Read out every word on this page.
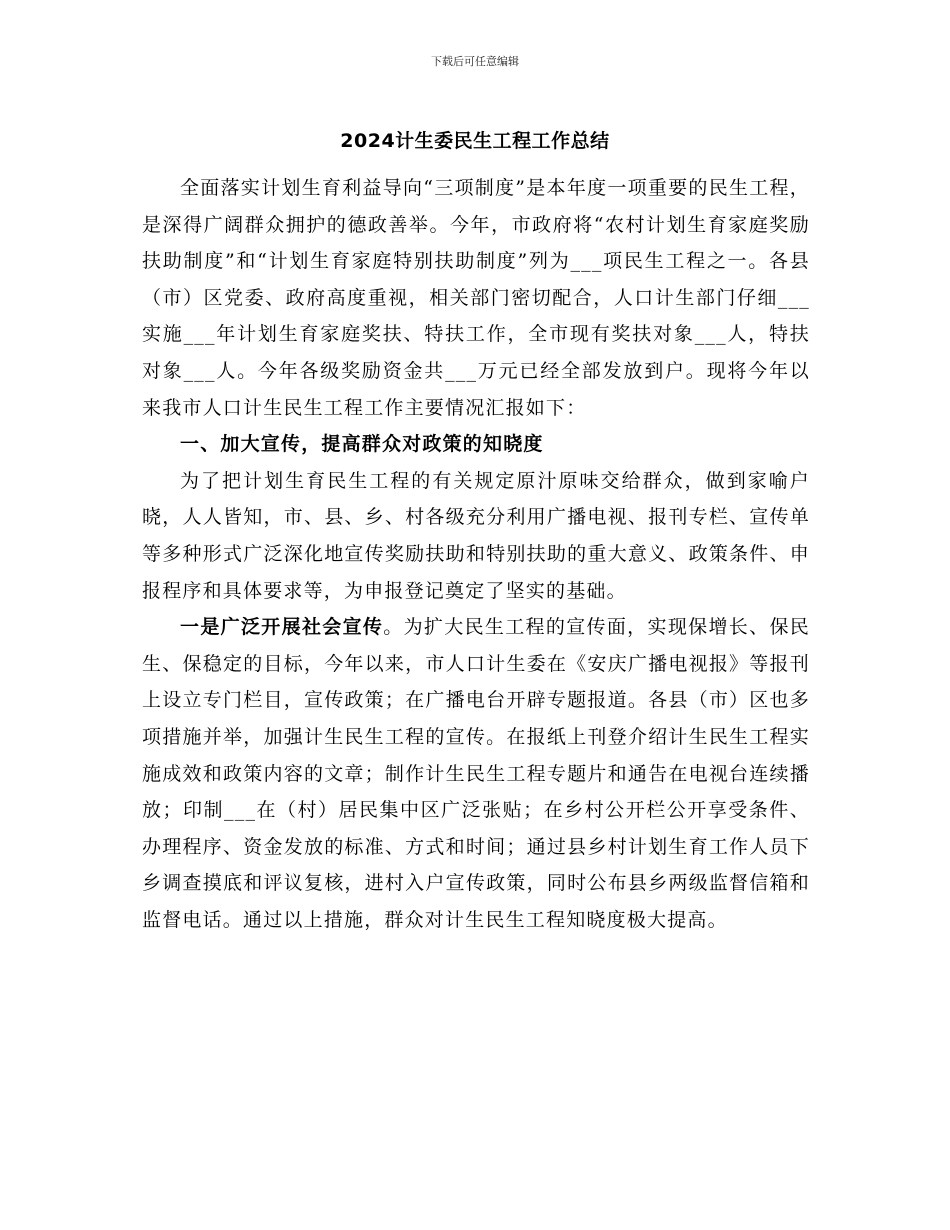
下载后可任意编辑
2024计生委民生工程工作总结

全面落实计划生育利益导向“三项制度”是本年度一项重要的民生工程，是深得广阔群众拥护的德政善举。今年，市政府将“农村计划生育家庭奖励扶助制度”和“计划生育家庭特别扶助制度”列为___项民生工程之一。各县（市）区党委、政府高度重视，相关部门密切配合，人口计生部门仔细___实施___年计划生育家庭奖扶、特扶工作，全市现有奖扶对象___人，特扶对象___人。今年各级奖励资金共___万元已经全部发放到户。现将今年以来我市人口计生民生工程工作主要情况汇报如下：

一、加大宣传，提高群众对政策的知晓度

为了把计划生育民生工程的有关规定原汁原味交给群众，做到家喻户晓，人人皆知，市、县、乡、村各级充分利用广播电视、报刊专栏、宣传单等多种形式广泛深化地宣传奖励扶助和特别扶助的重大意义、政策条件、申报程序和具体要求等，为申报登记奠定了坚实的基础。

一是广泛开展社会宣传。为扩大民生工程的宣传面，实现保增长、保民生、保稳定的目标，今年以来，市人口计生委在《安庆广播电视报》等报刊上设立专门栏目，宣传政策；在广播电台开辟专题报道。各县（市）区也多项措施并举，加强计生民生工程的宣传。在报纸上刊登介绍计生民生工程实施成效和政策内容的文章；制作计生民生工程专题片和通告在电视台连续播放；印制___在（村）居民集中区广泛张贴；在乡村公开栏公开享受条件、办理程序、资金发放的标准、方式和时间；通过县乡村计划生育工作人员下乡调查摸底和评议复核，进村入户宣传政策，同时公布县乡两级监督信箱和监督电话。通过以上措施，群众对计生民生工程知晓度极大提高。
